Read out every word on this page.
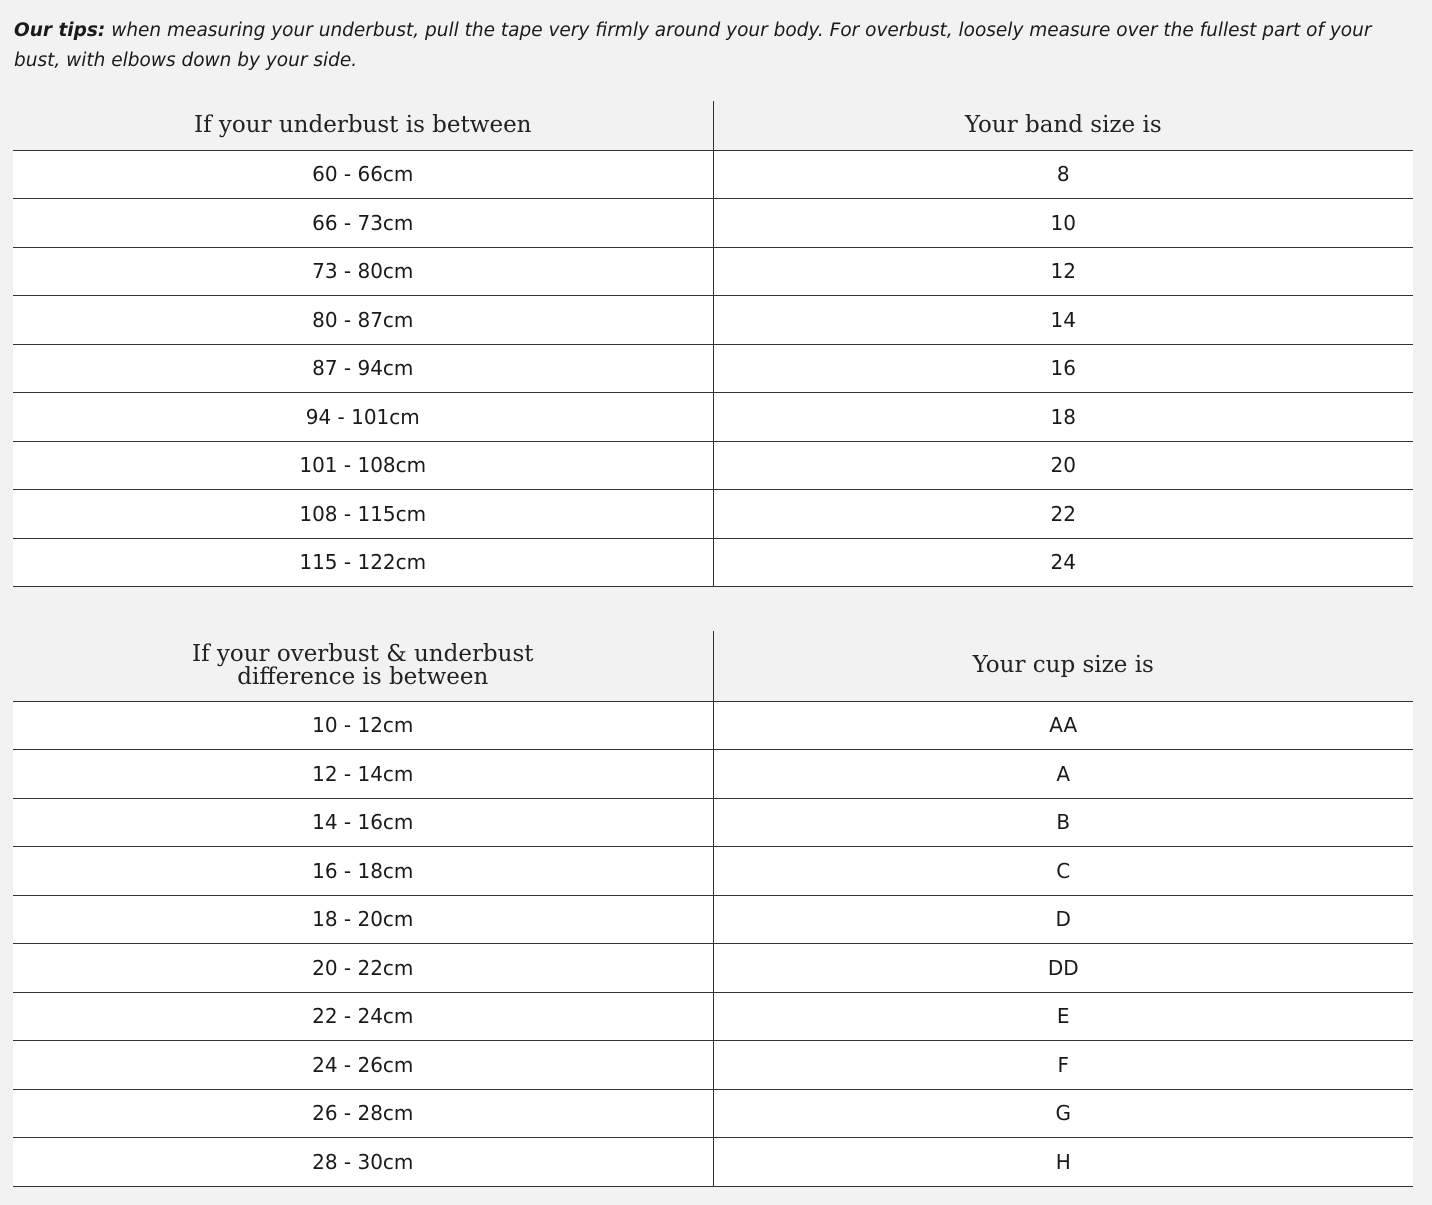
Our tips: when measuring your underbust, pull the tape very firmly around your body. For overbust, loosely measure over the fullest part of your bust, with elbows down by your side.

If your underbust is between	Your band size is
60 - 66cm	8
66 - 73cm	10
73 - 80cm	12
80 - 87cm	14
87 - 94cm	16
94 - 101cm	18
101 - 108cm	20
108 - 115cm	22
115 - 122cm	24
If your overbust & underbust
difference is between	Your cup size is
10 - 12cm	AA
12 - 14cm	A
14 - 16cm	B
16 - 18cm	C
18 - 20cm	D
20 - 22cm	DD
22 - 24cm	E
24 - 26cm	F
26 - 28cm	G
28 - 30cm	H
